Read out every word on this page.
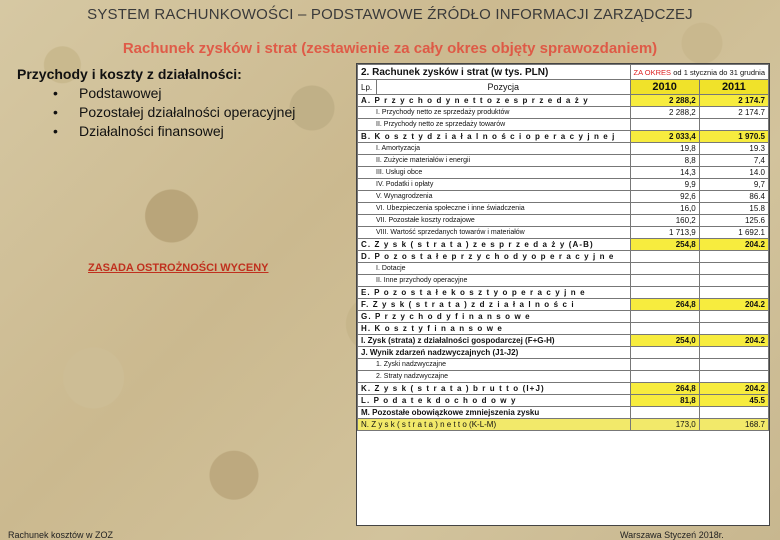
SYSTEM RACHUNKOWOŚCI – PODSTAWOWE ŹRÓDŁO INFORMACJI ZARZĄDCZEJ
Rachunek zysków i strat (zestawienie za cały okres objęty sprawozdaniem)
Przychody i koszty z działalności:
• Podstawowej
• Pozostałej działalności operacyjnej
• Działalności finansowej
ZASADA OSTROŻNOŚCI WYCENY
2. Rachunek zysków i strat (w tys. PLN)		ZA OKRES od 1 stycznia do 31 grudnia	
Lp.	Pozycja	2010	2011
A. P r z y c h o d y n e t t o z e s p r z e d a ż y		2 288,2	2 174.7
I. Przychody netto ze sprzedaży produktów		2 288,2	2 174.7
II. Przychody netto ze sprzedaży towarów			
B. K o s z t y d z i a ł a l n o ś c i o p e r a c y j n e j		2 033,4	1 970.5
I. Amortyzacja		19,8	19.3
II. Zużycie materiałów i energii		8,8	7,4
III. Usługi obce		14,3	14.0
IV. Podatki i opłaty		9,9	9,7
V. Wynagrodzenia		92,6	86.4
VI. Ubezpieczenia społeczne i inne świadczenia		16,0	15.8
VII. Pozostałe koszty rodzajowe		160,2	125.6
VIII. Wartość sprzedanych towarów i materiałów		1 713,9	1 692.1
C. Z y s k ( s t r a t a ) z e s p r z e d a ż y (A-B)		254,8	204.2
D. P o z o s t a ł e p r z y c h o d y o p e r a c y j n e			
I. Dotacje			
II. Inne przychody operacyjne			
E. P o z o s t a ł e k o s z t y o p e r a c y j n e			
F. Z y s k ( s t r a t a ) z d z i a ł a l n o ś c i		264,8	204.2
G. P r z y c h o d y f i n a n s o w e			
H. K o s z t y f i n a n s o w e			
I. Zysk (strata) z działalności gospodarczej (F+G-H)		254,0	204.2
J. Wynik zdarzeń nadzwyczajnych (J1-J2)			
1. Zyski nadzwyczajne			
2. Straty nadzwyczajne			
K. Z y s k ( s t r a t a ) b r u t t o (I+J)		264,8	204.2
L. P o d a t e k d o c h o d o w y		81,8	45.5
M. Pozostałe obowiązkowe zmniejszenia zysku			
N. Z y s k ( s t r a t a ) n e t t o (K-L-M)		173,0	168.7
Rachunek kosztów w ZOZ	Warszawa Styczeń 2018r.
